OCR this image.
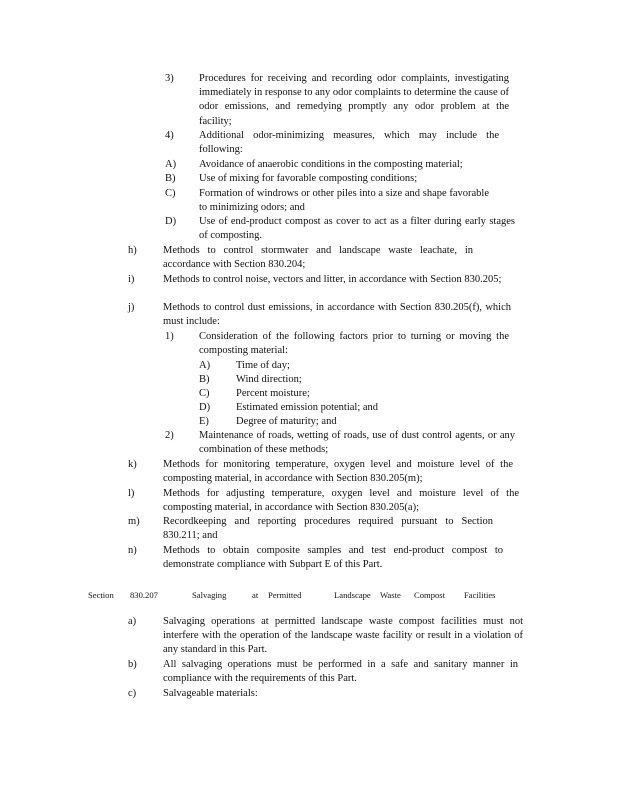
3) Procedures for receiving and recording odor complaints, investigating immediately in response to any odor complaints to determine the cause of odor emissions, and remedying promptly any odor problem at the facility;
4) Additional odor-minimizing measures, which may include the following:
A) Avoidance of anaerobic conditions in the composting material;
B) Use of mixing for favorable composting conditions;
C) Formation of windrows or other piles into a size and shape favorable to minimizing odors; and
D) Use of end-product compost as cover to act as a filter during early stages of composting.
h)	Methods to control stormwater and landscape waste leachate, in accordance with Section 830.204;
i)	Methods to control noise, vectors and litter, in accordance with Section 830.205;
j)	Methods to control dust emissions, in accordance with Section 830.205(f), which must include:
1) Consideration of the following factors prior to turning or moving the composting material:
A) Time of day;
B)	Wind direction;
C)	Percent moisture;
D) Estimated emission potential; and
E)	Degree of maturity; and
2) Maintenance of roads, wetting of roads, use of dust control agents, or any combination of these methods;
k)	Methods for monitoring temperature, oxygen level and moisture level of the composting material, in accordance with Section 830.205(m);
l)	Methods for adjusting temperature, oxygen level and moisture level of the composting material, in accordance with Section 830.205(a);
m) Recordkeeping and reporting procedures required pursuant to Section 830.211; and
n)	Methods to obtain composite samples and test end-product compost to demonstrate compliance with Subpart E of this Part.
Section 830.207	Salvaging	at Permitted	Landscape Waste Compost Facilities
a)	Salvaging operations at permitted landscape waste compost facilities must not interfere with the operation of the landscape waste facility or result in a violation of any standard in this Part.
b)	All salvaging operations must be performed in a safe and sanitary manner in compliance with the requirements of this Part.
c)	Salvageable materials:
